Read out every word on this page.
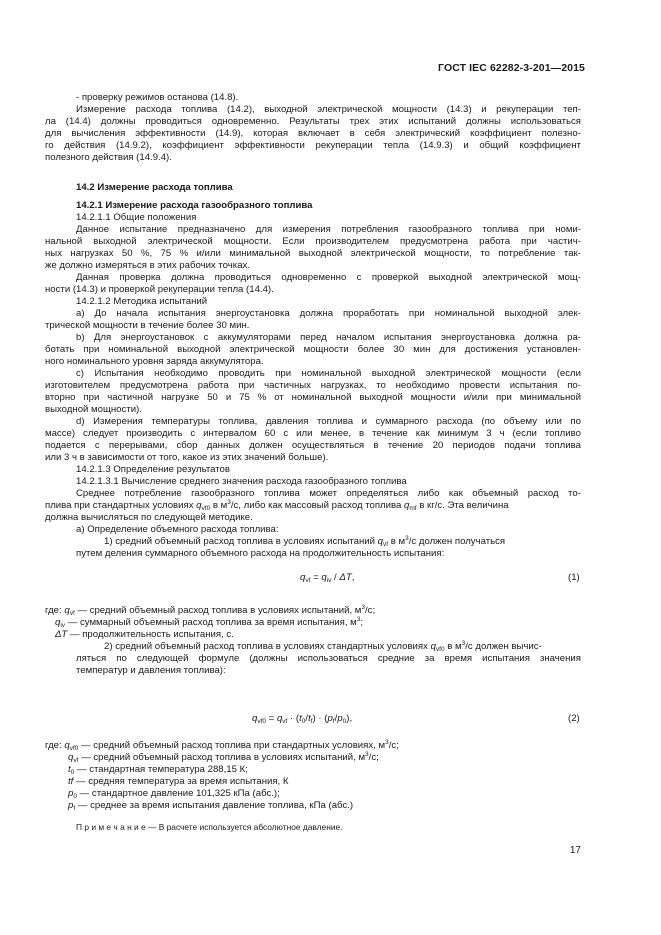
ГОСТ IEC 62282-3-201—2015
- проверку режимов останова (14.8).
Измерение расхода топлива (14.2), выходной электрической мощности (14.3) и рекуперации теп-
ла (14.4) должны проводиться одновременно. Результаты трех этих испытаний должны использоваться
для вычисления эффективности (14.9), которая включает в себя электрический коэффициент полезно-
го действия (14.9.2), коэффициент эффективности рекуперации тепла (14.9.3) и общий коэффициент
полезного действия (14.9.4).
14.2 Измерение расхода топлива
14.2.1 Измерение расхода газообразного топлива
14.2.1.1 Общие положения
Данное испытание предназначено для измерения потребления газообразного топлива при номи-
нальной выходной электрической мощности. Если производителем предусмотрена работа при частич-
ных нагрузках 50 %, 75 % и/или минимальной выходной электрической мощности, то потребление так-
же должно измеряться в этих рабочих точках.
Данная проверка должна проводиться одновременно с проверкой выходной электрической мощ-
ности (14.3) и проверкой рекуперации тепла (14.4).
14.2.1.2 Методика испытаний
а) До начала испытания энергоустановка должна проработать при номинальной выходной элек-
трической мощности в течение более 30 мин.
b) Для энергоустановок с аккумуляторами перед началом испытания энергоустановка должна ра-
ботать при номинальной выходной электрической мощности более 30 мин для достижения установлен-
ного номинального уровня заряда аккумулятора.
с) Испытания необходимо проводить при номинальной выходной электрической мощности (если
изготовителем предусмотрена работа при частичных нагрузках, то необходимо провести испытания по-
вторно при частичной нагрузке 50 и 75 % от номинальной выходной мощности и/или при минимальной
выходной мощности).
d) Измерения температуры топлива, давления топлива и суммарного расхода (по объему или по
массе) следует производить с интервалом 60 с или менее, в течение как минимум 3 ч (если топливо
подается с перерывами, сбор данных должен осуществляться в течение 20 периодов подачи топлива
или 3 ч в зависимости от того, какое из этих значений больше).
14.2.1.3 Определение результатов
14.2.1.3.1 Вычисление среднего значения расхода газообразного топлива
Среднее потребление газообразного топлива может определяться либо как объемный расход то-
плива при стандартных условиях $q_{vf0}$ в $м^3/с$, либо как массовый расход топлива $q_{mf}$ в кг/с. Эта величина
должна вычисляться по следующей методике.
а) Определение объемного расхода топлива:
1) средний объемный расход топлива в условиях испытаний $q_{vf}$ в $м^3/с$ должен получаться
путем деления суммарного объемного расхода на продолжительность испытания:
$q_{vf} = q_{iv} / \Delta T$,	(1)
где: $q_{vf}$ — средний объемный расход топлива в условиях испытаний, $м^3/с$;
$q_{iv}$ — суммарный объемный расход топлива за время испытания, $м^3$;
ΔT — продолжительность испытания, с.
2) средний объемный расход топлива в условиях стандартных условиях $q_{vf0}$ в $м^3/с$ должен вычис-
ляться по следующей формуле (должны использоваться средние за время испытания значения
температур и давления топлива):
$q_{vf0} = q_{vf} \cdot (t_0/t_f) \cdot (p_f/p_0)$,	(2)
где: $q_{vf0}$ — средний объемный расход топлива при стандартных условиях, $м^3/с$;
$q_{vf}$ — средний объемный расход топлива в условиях испытаний, $м^3/с$;
$t_0$ — стандартная температура 288,15 К;
tf — средняя температура за время испытания, К
$p_0$ — стандартное давление 101,325 кПа (абс.);
$p_f$ — среднее за время испытания давление топлива, кПа (абс.)
П р и м е ч а н и е — В расчете используется абсолютное давление.
17
